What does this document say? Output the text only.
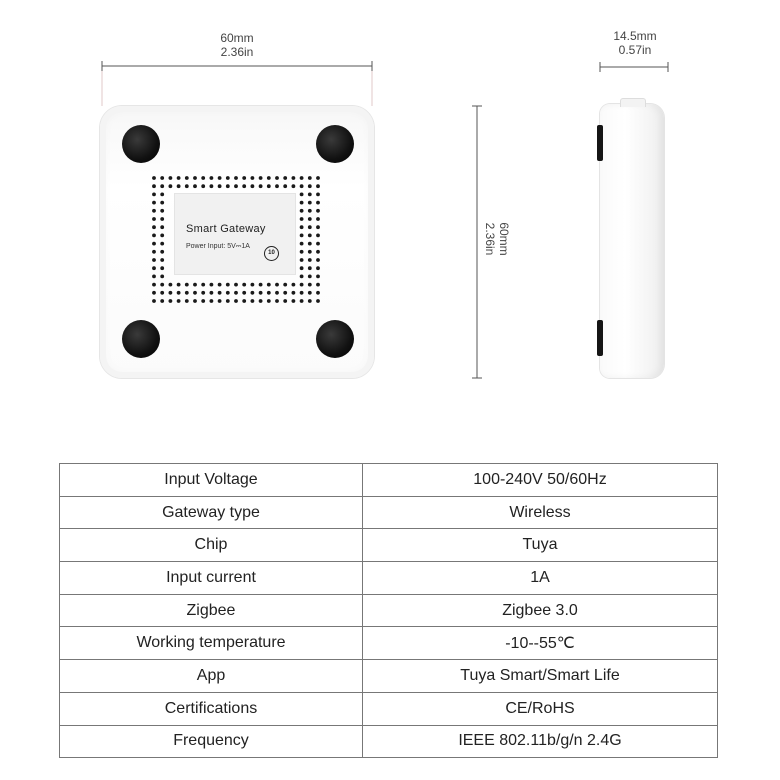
60mm
2.36in
14.5mm
0.57in
60mm
2.36in
Smart Gateway
Power Input: 5V⎓1A
10
Input Voltage	100-240V 50/60Hz
Gateway type	Wireless
Chip	Tuya
Input current	1A
Zigbee	Zigbee 3.0
Working temperature	-10--55℃
App	Tuya Smart/Smart Life
Certifications	CE/RoHS
Frequency	IEEE 802.11b/g/n 2.4G
